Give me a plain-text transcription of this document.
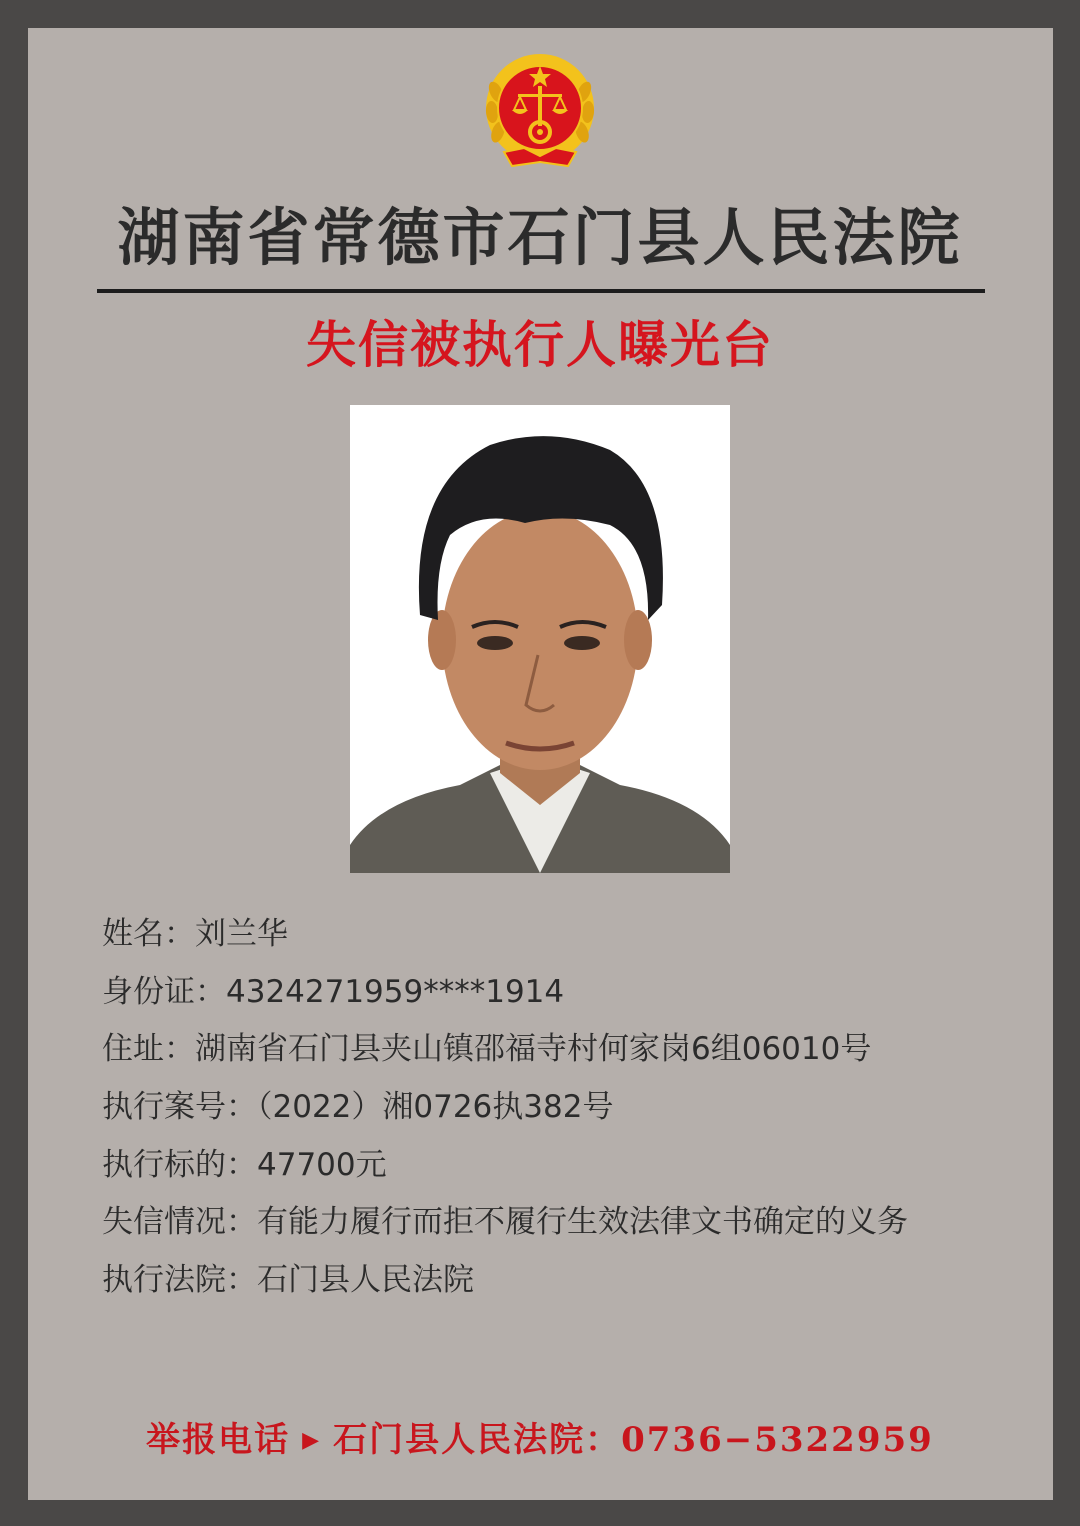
湖南省常德市石门县人民法院
失信被执行人曝光台
姓名：刘兰华
身份证：4324271959****1914
住址：湖南省石门县夹山镇邵福寺村何家岗6组06010号
执行案号：（2022）湘0726执382号
执行标的：47700元
失信情况：有能力履行而拒不履行生效法律文书确定的义务
执行法院：石门县人民法院
举报电话 ▶ 石门县人民法院：0736−5322959
